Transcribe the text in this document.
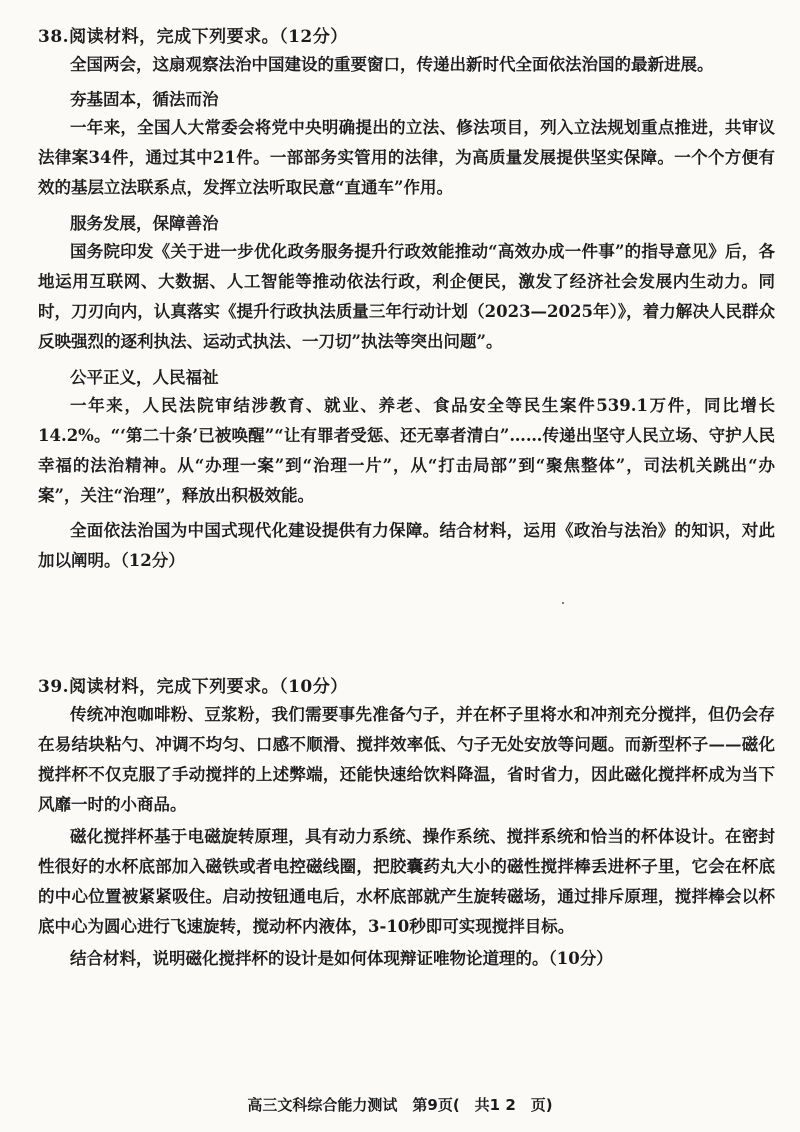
38.阅读材料，完成下列要求。（12分）
全国两会，这扇观察法治中国建设的重要窗口，传递出新时代全面依法治国的最新进展。
夯基固本，循法而治
一年来，全国人大常委会将党中央明确提出的立法、修法项目，列入立法规划重点推进，共审议法律案34件，通过其中21件。一部部务实管用的法律，为高质量发展提供坚实保障。一个个方便有效的基层立法联系点，发挥立法听取民意“直通车”作用。
服务发展，保障善治
国务院印发《关于进一步优化政务服务提升行政效能推动“高效办成一件事”的指导意见》后，各地运用互联网、大数据、人工智能等推动依法行政，利企便民，激发了经济社会发展内生动力。同时，刀刃向内，认真落实《提升行政执法质量三年行动计划（2023—2025年）》，着力解决人民群众反映强烈的逐利执法、运动式执法、一刀切”执法等突出问题”。
公平正义，人民福祉
一年来，人民法院审结涉教育、就业、养老、食品安全等民生案件539.1万件，同比增长14.2%。“‘第二十条’已被唤醒”“让有罪者受惩、还无辜者清白”……传递出坚守人民立场、守护人民幸福的法治精神。从“办理一案”到“治理一片”，从“打击局部”到“聚焦整体”，司法机关跳出“办案”，关注“治理”，释放出积极效能。
全面依法治国为中国式现代化建设提供有力保障。结合材料，运用《政治与法治》的知识，对此加以阐明。（12分）
39.阅读材料，完成下列要求。（10分）
传统冲泡咖啡粉、豆浆粉，我们需要事先准备勺子，并在杯子里将水和冲剂充分搅拌，但仍会存在易结块粘勺、冲调不均匀、口感不顺滑、搅拌效率低、勺子无处安放等问题。而新型杯子——磁化搅拌杯不仅克服了手动搅拌的上述弊端，还能快速给饮料降温，省时省力，因此磁化搅拌杯成为当下风靡一时的小商品。
磁化搅拌杯基于电磁旋转原理，具有动力系统、操作系统、搅拌系统和恰当的杯体设计。在密封性很好的水杯底部加入磁铁或者电控磁线圈，把胶囊药丸大小的磁性搅拌棒丢进杯子里，它会在杯底的中心位置被紧紧吸住。启动按钮通电后，水杯底部就产生旋转磁场，通过排斥原理，搅拌棒会以杯底中心为圆心进行飞速旋转，搅动杯内液体，3-10秒即可实现搅拌目标。
结合材料，说明磁化搅拌杯的设计是如何体现辩证唯物论道理的。（10分）
高三文科综合能力测试　第9页(　共1 2　页)
